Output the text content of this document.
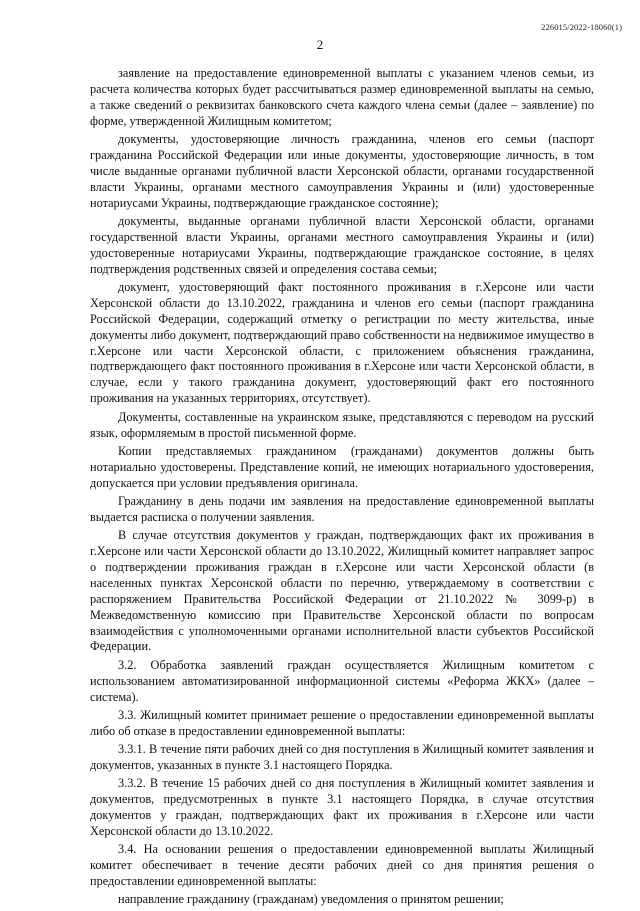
226015/2022-18060(1)
2

заявление на предоставление единовременной выплаты с указанием членов семьи, из расчета количества которых будет рассчитываться размер единовременной выплаты на семью, а также сведений о реквизитах банковского счета каждого члена семьи (далее – заявление) по форме, утвержденной Жилищным комитетом;

документы, удостоверяющие личность гражданина, членов его семьи (паспорт гражданина Российской Федерации или иные документы, удостоверяющие личность, в том числе выданные органами публичной власти Херсонской области, органами государственной власти Украины, органами местного самоуправления Украины и (или) удостоверенные нотариусами Украины, подтверждающие гражданское состояние);

документы, выданные органами публичной власти Херсонской области, органами государственной власти Украины, органами местного самоуправления Украины и (или) удостоверенные нотариусами Украины, подтверждающие гражданское состояние, в целях подтверждения родственных связей и определения состава семьи;

документ, удостоверяющий факт постоянного проживания в г.Херсоне или части Херсонской области до 13.10.2022, гражданина и членов его семьи (паспорт гражданина Российской Федерации, содержащий отметку о регистрации по месту жительства, иные документы либо документ, подтверждающий право собственности на недвижимое имущество в г.Херсоне или части Херсонской области, с приложением объяснения гражданина, подтверждающего факт постоянного проживания в г.Херсоне или части Херсонской области, в случае, если у такого гражданина документ, удостоверяющий факт его постоянного проживания на указанных территориях, отсутствует).

Документы, составленные на украинском языке, представляются с переводом на русский язык, оформляемым в простой письменной форме.

Копии представляемых гражданином (гражданами) документов должны быть нотариально удостоверены. Представление копий, не имеющих нотариального удостоверения, допускается при условии предъявления оригинала.

Гражданину в день подачи им заявления на предоставление единовременной выплаты выдается расписка о получении заявления.

В случае отсутствия документов у граждан, подтверждающих факт их проживания в г.Херсоне или части Херсонской области до 13.10.2022, Жилищный комитет направляет запрос о подтверждении проживания граждан в г.Херсоне или части Херсонской области (в населенных пунктах Херсонской области по перечню, утверждаемому в соответствии с распоряжением Правительства Российской Федерации от 21.10.2022 № 3099-р) в Межведомственную комиссию при Правительстве Херсонской области по вопросам взаимодействия с уполномоченными органами исполнительной власти субъектов Российской Федерации.

3.2. Обработка заявлений граждан осуществляется Жилищным комитетом с использованием автоматизированной информационной системы «Реформа ЖКХ» (далее – система).

3.3. Жилищный комитет принимает решение о предоставлении единовременной выплаты либо об отказе в предоставлении единовременной выплаты:

3.3.1. В течение пяти рабочих дней со дня поступления в Жилищный комитет заявления и документов, указанных в пункте 3.1 настоящего Порядка.

3.3.2. В течение 15 рабочих дней со дня поступления в Жилищный комитет заявления и документов, предусмотренных в пункте 3.1 настоящего Порядка, в случае отсутствия документов у граждан, подтверждающих факт их проживания в г.Херсоне или части Херсонской области до 13.10.2022.

3.4. На основании решения о предоставлении единовременной выплаты Жилищный комитет обеспечивает в течение десяти рабочих дней со дня принятия решения о предоставлении единовременной выплаты:

направление гражданину (гражданам) уведомления о принятом решении;
